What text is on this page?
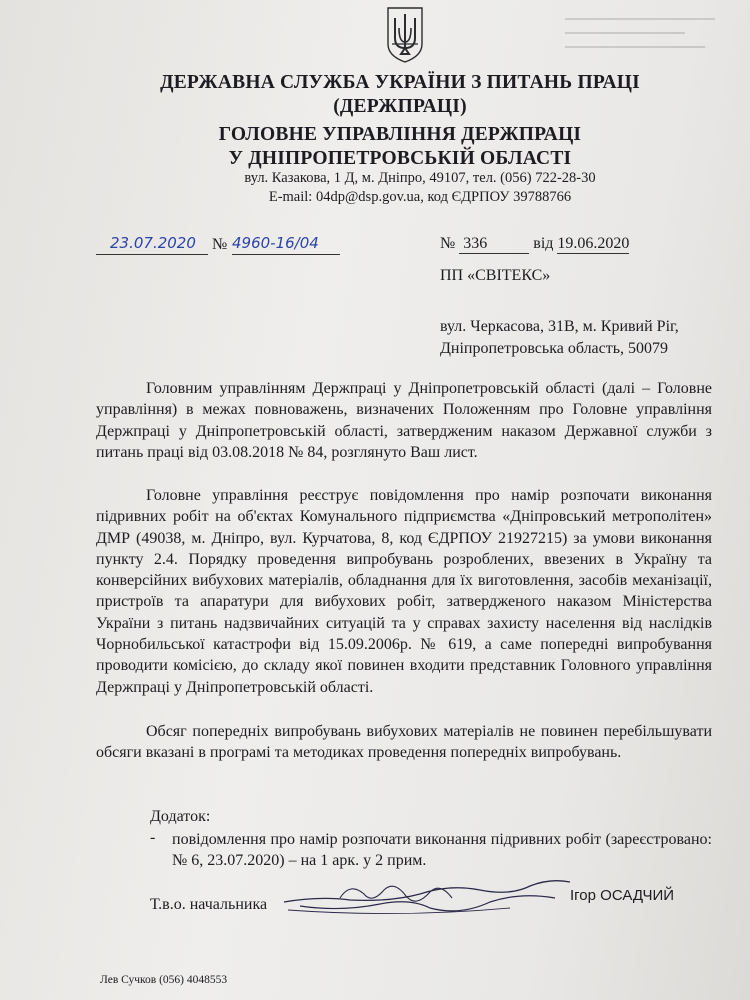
ДЕРЖАВНА СЛУЖБА УКРАЇНИ З ПИТАНЬ ПРАЦІ
(ДЕРЖПРАЦІ)
ГОЛОВНЕ УПРАВЛІННЯ ДЕРЖПРАЦІ
У ДНІПРОПЕТРОВСЬКІЙ ОБЛАСТІ
вул. Казакова, 1 Д, м. Дніпро, 49107, тел. (056) 722-28-30
E-mail: 04dp@dsp.gov.ua, код ЄДРПОУ 39788766
23.07.2020 № 4960-16/04	№ 336	від 19.06.2020
ПП «СВІТЕКС»
вул. Черкасова, 31В, м. Кривий Ріг,
Дніпропетровська область, 50079
Головним управлінням Держпраці у Дніпропетровській області (далі – Головне управління) в межах повноважень, визначених Положенням про Головне управління Держпраці у Дніпропетровській області, затвердженим наказом Державної служби з питань праці від 03.08.2018 № 84, розглянуто Ваш лист.
Головне управління реєструє повідомлення про намір розпочати виконання підривних робіт на об'єктах Комунального підприємства «Дніпровський метрополітен» ДМР (49038, м. Дніпро, вул. Курчатова, 8, код ЄДРПОУ 21927215) за умови виконання пункту 2.4. Порядку проведення випробувань розроблених, ввезених в Україну та конверсійних вибухових матеріалів, обладнання для їх виготовлення, засобів механізації, пристроїв та апаратури для вибухових робіт, затвердженого наказом Міністерства України з питань надзвичайних ситуацій та у справах захисту населення від наслідків Чорнобильської катастрофи від 15.09.2006р. № 619, а саме попередні випробування проводити комісією, до складу якої повинен входити представник Головного управління Держпраці у Дніпропетровській області.
Обсяг попередніх випробувань вибухових матеріалів не повинен перебільшувати обсяги вказані в програмі та методиках проведення попередніх випробувань.
Додаток:
- повідомлення про намір розпочати виконання підривних робіт (зареєстровано: № 6, 23.07.2020) – на 1 арк. у 2 прим.
Т.в.о. начальника
Ігор ОСАДЧИЙ
Лев Сучков (056) 4048553
